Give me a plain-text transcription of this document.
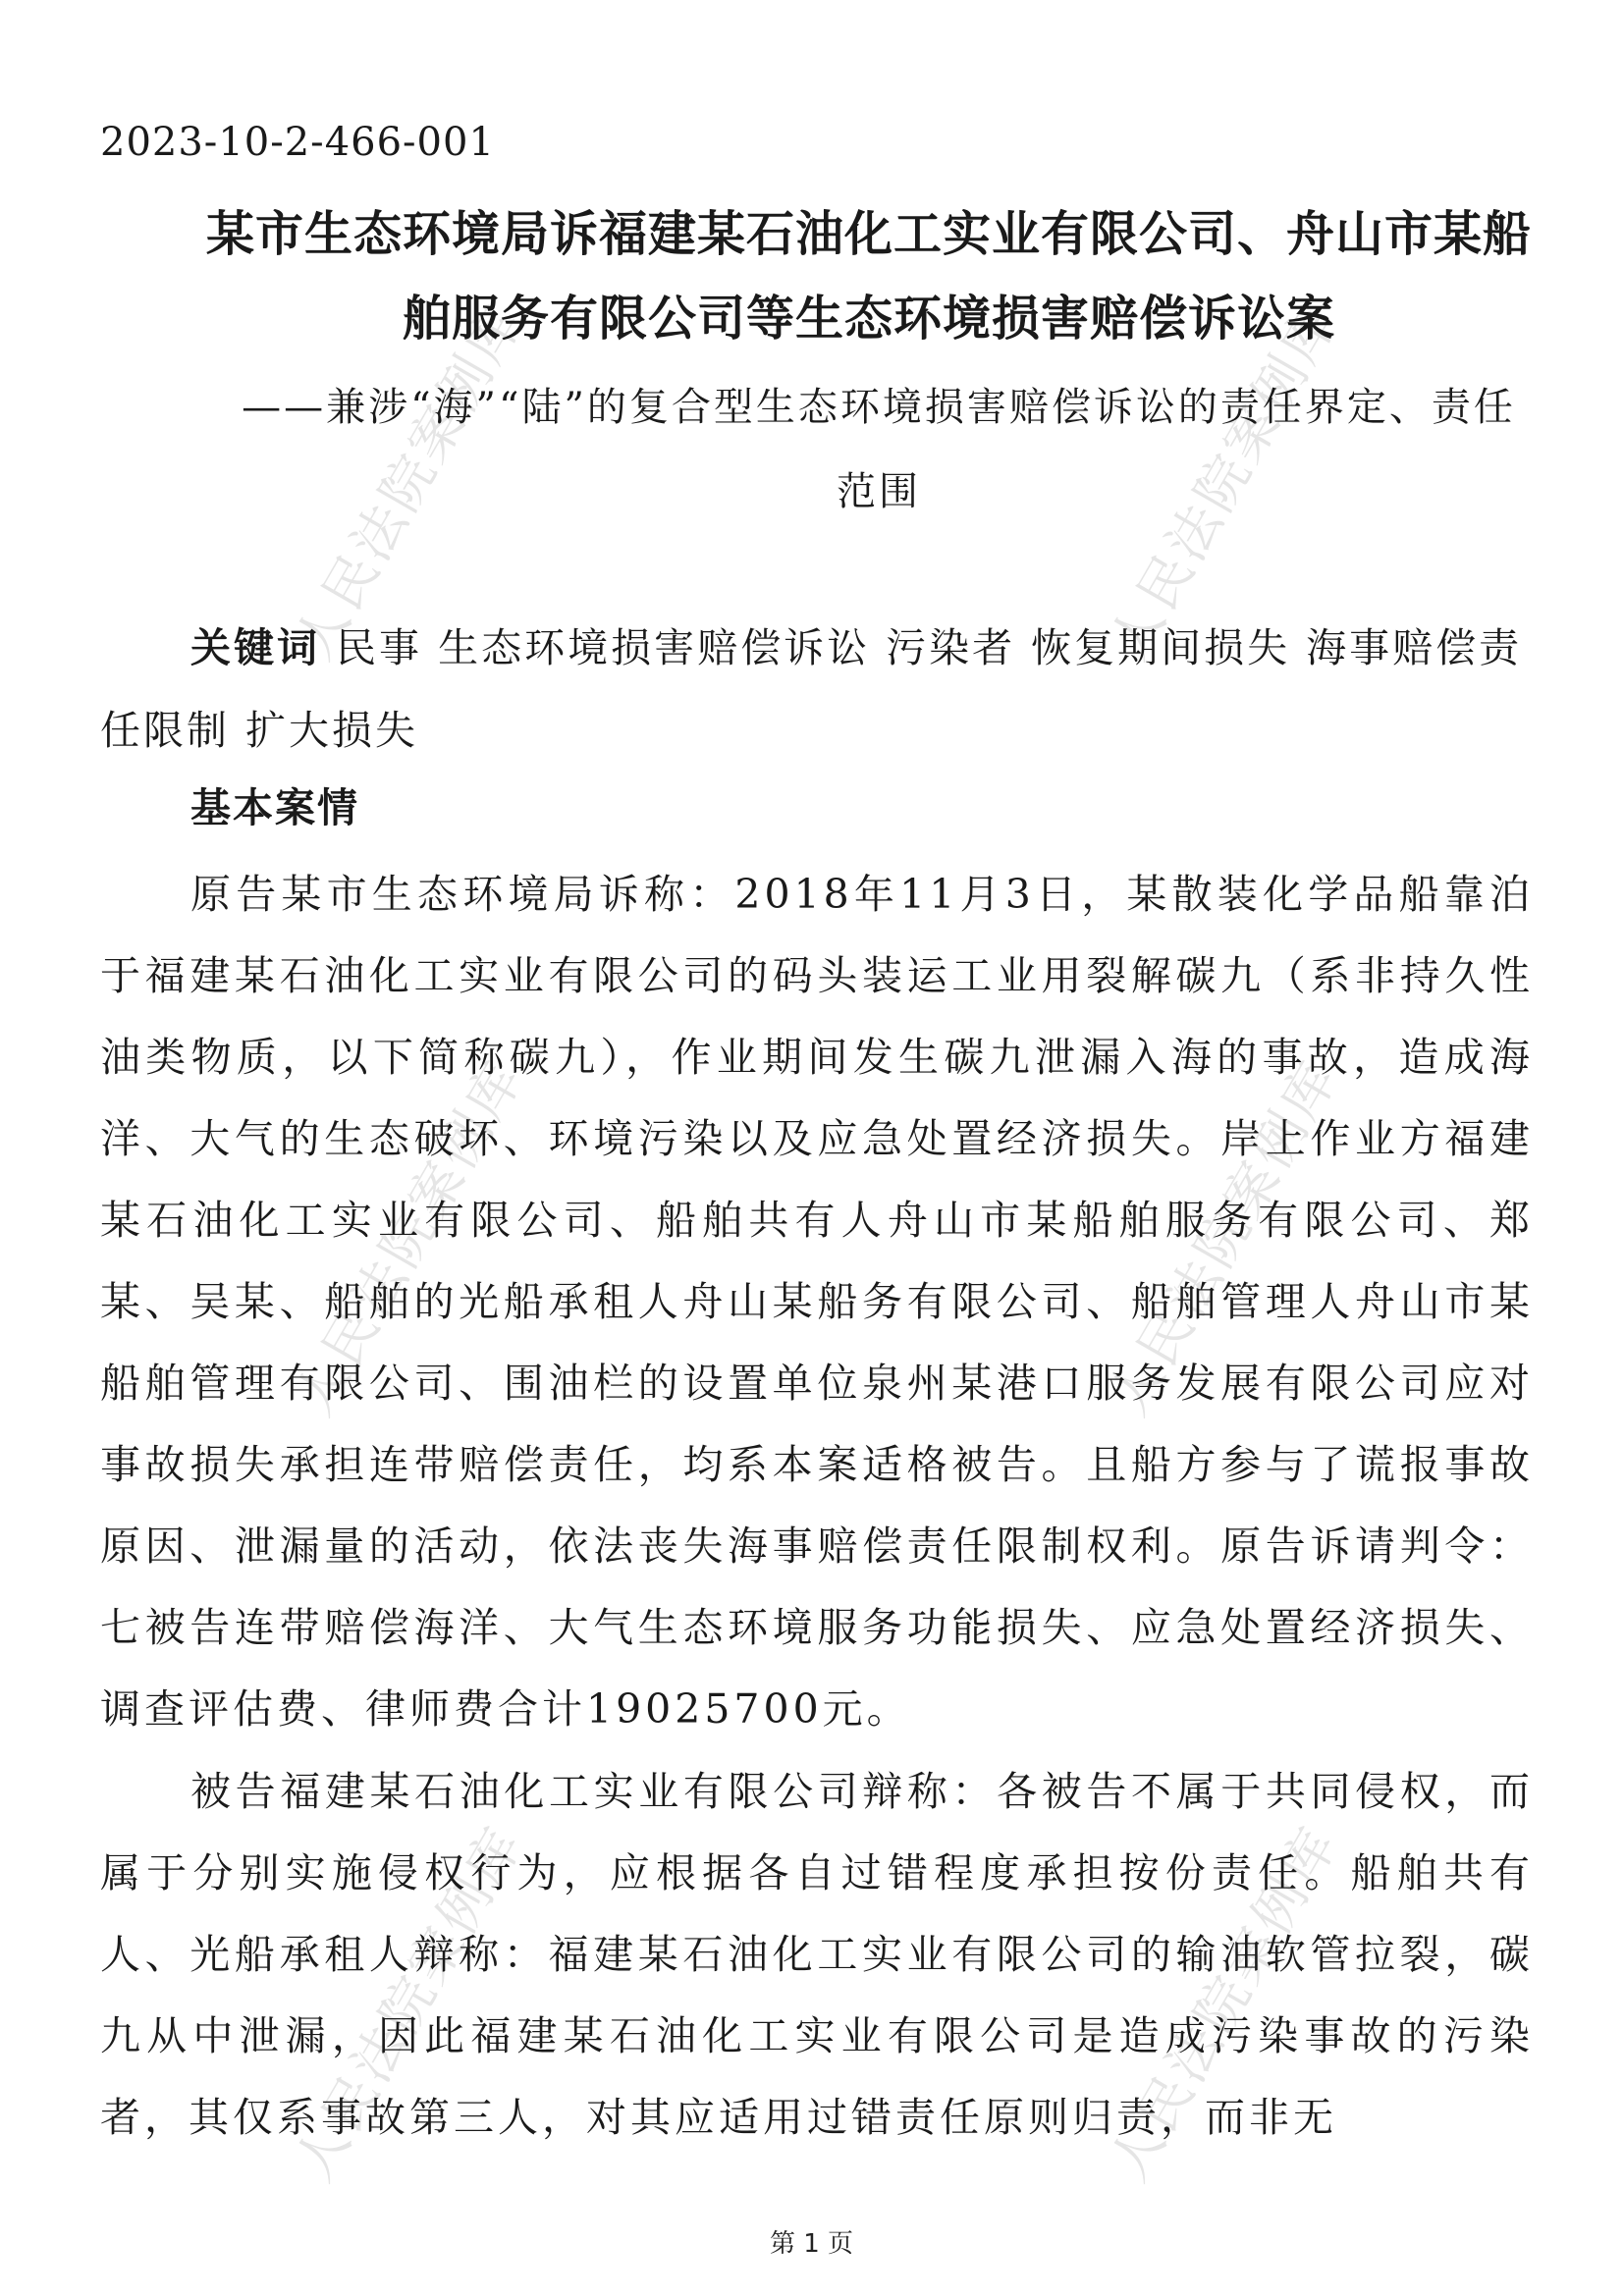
人民法院案例库	人民法院案例库
人民法院案例库	人民法院案例库
人民法院案例库	人民法院案例库
2023-10-2-466-001
某市生态环境局诉福建某石油化工实业有限公司、舟山市某船舶服务有限公司等生态环境损害赔偿诉讼案
——兼涉“海”“陆”的复合型生态环境损害赔偿诉讼的责任界定、责任范围
关键词 民事 生态环境损害赔偿诉讼 污染者 恢复期间损失 海事赔偿责任限制 扩大损失
基本案情

原告某市生态环境局诉称：2018年11月3日，某散装化学品船靠泊于福建某石油化工实业有限公司的码头装运工业用裂解碳九（系非持久性油类物质，以下简称碳九），作业期间发生碳九泄漏入海的事故，造成海洋、大气的生态破坏、环境污染以及应急处置经济损失。岸上作业方福建某石油化工实业有限公司、船舶共有人舟山市某船舶服务有限公司、郑某、吴某、船舶的光船承租人舟山某船务有限公司、船舶管理人舟山市某船舶管理有限公司、围油栏的设置单位泉州某港口服务发展有限公司应对事故损失承担连带赔偿责任，均系本案适格被告。且船方参与了谎报事故原因、泄漏量的活动，依法丧失海事赔偿责任限制权利。原告诉请判令：七被告连带赔偿海洋、大气生态环境服务功能损失、应急处置经济损失、调查评估费、律师费合计19025700元。

被告福建某石油化工实业有限公司辩称：各被告不属于共同侵权，而属于分别实施侵权行为，应根据各自过错程度承担按份责任。船舶共有人、光船承租人辩称：福建某石油化工实业有限公司的输油软管拉裂，碳九从中泄漏，因此福建某石油化工实业有限公司是造成污染事故的污染者，其仅系事故第三人，对其应适用过错责任原则归责，而非无

第 1 页
